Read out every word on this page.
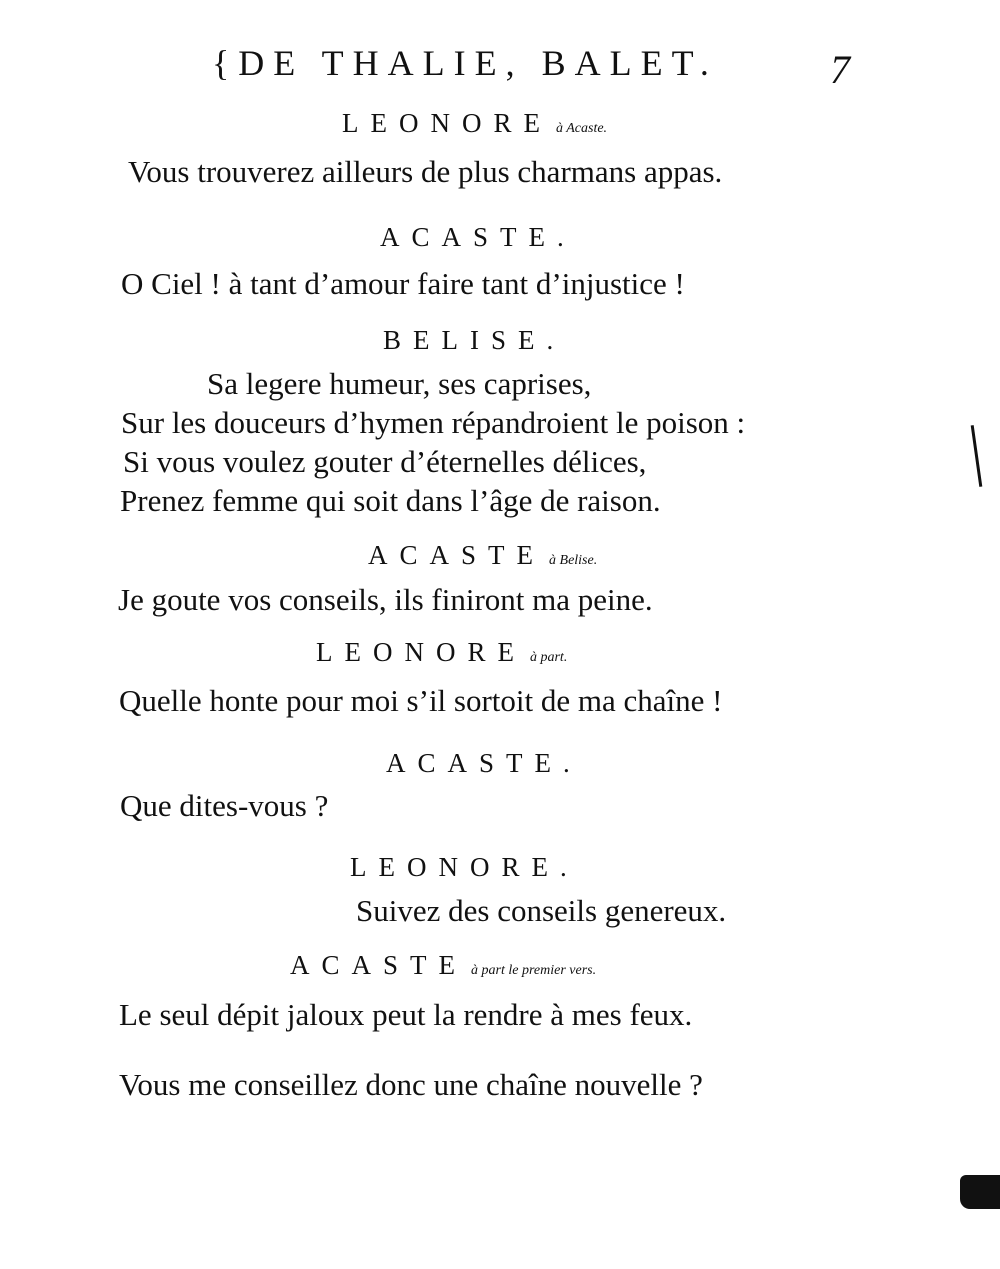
{DE THALIE, BALET.	7
LEONORE à Acaste.
Vous trouverez ailleurs de plus charmans appas.
ACASTE.
O Ciel ! à tant d’amour faire tant d’injustice !
BELISE.
Sa legere humeur, ses caprises,
Sur les douceurs d’hymen répandroient le poison :
Si vous voulez gouter d’éternelles délices,
Prenez femme qui soit dans l’âge de raison.
ACASTE à Belise.
Je goute vos conseils, ils finiront ma peine.
LEONORE à part.
Quelle honte pour moi s’il sortoit de ma chaîne !
ACASTE.
Que dites-vous ?
LEONORE.
Suivez des conseils genereux.
ACASTE à part le premier vers.
Le seul dépit jaloux peut la rendre à mes feux.
Vous me conseillez donc une chaîne nouvelle ?
